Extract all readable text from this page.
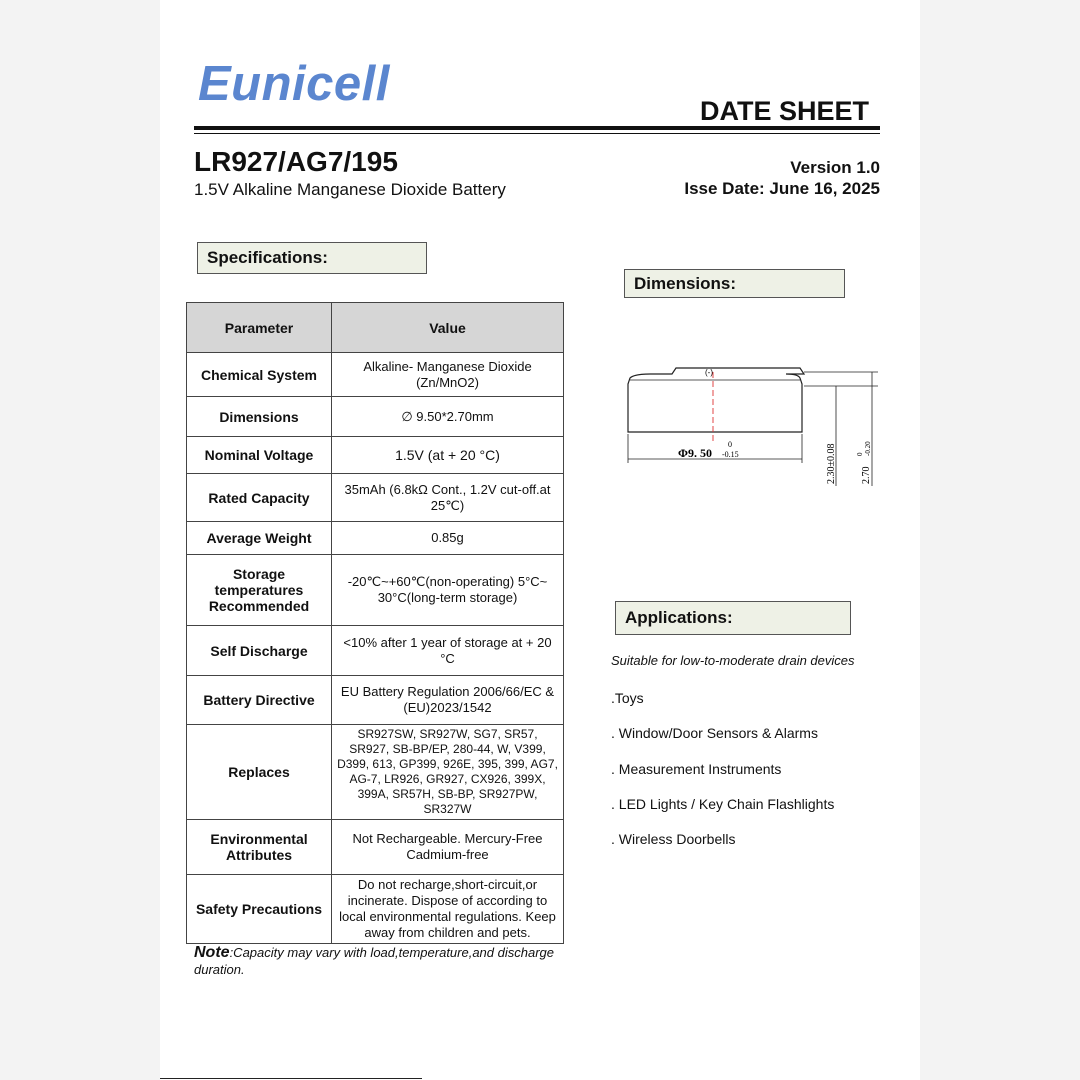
Eunicell	DATE SHEET
LR927/AG7/195
1.5V Alkaline Manganese Dioxide Battery
Version 1.0
Isse Date: June 16, 2025
Specifications:
Dimensions:
Applications:
Parameter	Value
Chemical System	Alkaline- Manganese Dioxide (Zn/MnO2)
Dimensions	∅ 9.50*2.70mm
Nominal Voltage	1.5V (at + 20 °C)
Rated Capacity	35mAh (6.8kΩ Cont., 1.2V cut-off.at 25℃)
Average Weight	0.85g
Storage temperatures Recommended	-20℃~+60℃(non-operating) 5°C~ 30°C(long-term storage)
Self Discharge	<10% after 1 year of storage at + 20 °C
Battery Directive	EU Battery Regulation 2006/66/EC &(EU)2023/1542
Replaces	SR927SW, SR927W, SG7, SR57, SR927, SB-BP/EP, 280-44, W, V399, D399, 613, GP399, 926E, 395, 399, AG7, AG-7, LR926, GR927, CX926, 399X, 399A, SR57H, SB-BP, SR927PW, SR327W
Environmental Attributes	Not Rechargeable. Mercury-Free Cadmium-free
Safety Precautions	Do not recharge,short-circuit,or incinerate. Dispose of according to local environmental regulations. Keep away from children and pets.
Note:Capacity may vary with load,temperature,and discharge duration.
(-)
Φ9. 50
0
-0.15	2.30±0.08 2.70
0 -0.20
Suitable for low-to-moderate drain devices
.Toys
. Window/Door Sensors & Alarms
. Measurement Instruments
. LED Lights / Key Chain Flashlights
. Wireless Doorbells
